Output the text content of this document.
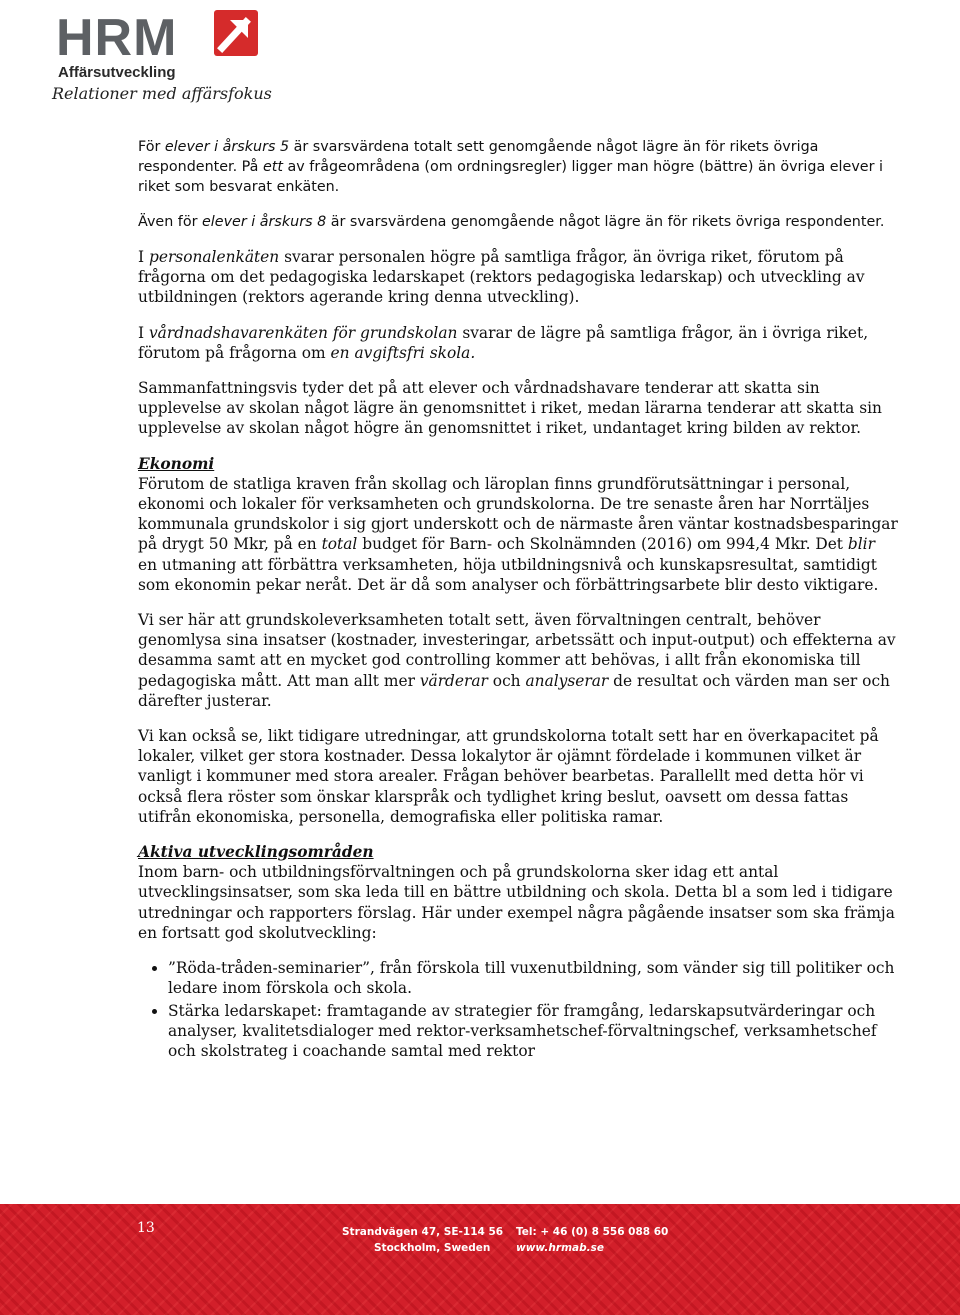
HRM
Affärsutveckling
Relationer med affärsfokus

För elever i årskurs 5 är svarsvärdena totalt sett genomgående något lägre än för rikets övriga respondenter. På ett av frågeområdena (om ordningsregler) ligger man högre (bättre) än övriga elever i riket som besvarat enkäten.

Även för elever i årskurs 8 är svarsvärdena genomgående något lägre än för rikets övriga respondenter.

I personalenkäten svarar personalen högre på samtliga frågor, än övriga riket, förutom på frågorna om det pedagogiska ledarskapet (rektors pedagogiska ledarskap) och utveckling av utbildningen (rektors agerande kring denna utveckling).

I vårdnadshavarenkäten för grundskolan svarar de lägre på samtliga frågor, än i övriga riket, förutom på frågorna om en avgiftsfri skola.

Sammanfattningsvis tyder det på att elever och vårdnadshavare tenderar att skatta sin upplevelse av skolan något lägre än genomsnittet i riket, medan lärarna tenderar att skatta sin upplevelse av skolan något högre än genomsnittet i riket, undantaget kring bilden av rektor.

Ekonomi

Förutom de statliga kraven från skollag och läroplan finns grundförutsättningar i personal, ekonomi och lokaler för verksamheten och grundskolorna. De tre senaste åren har Norrtäljes kommunala grundskolor i sig gjort underskott och de närmaste åren väntar kostnadsbesparingar på drygt 50 Mkr, på en total budget för Barn- och Skolnämnden (2016) om 994,4 Mkr. Det blir en utmaning att förbättra verksamheten, höja utbildningsnivå och kunskapsresultat, samtidigt som ekonomin pekar neråt. Det är då som analyser och förbättringsarbete blir desto viktigare.

Vi ser här att grundskoleverksamheten totalt sett, även förvaltningen centralt, behöver genomlysa sina insatser (kostnader, investeringar, arbetssätt och input-output) och effekterna av desamma samt att en mycket god controlling kommer att behövas, i allt från ekonomiska till pedagogiska mått. Att man allt mer värderar och analyserar de resultat och värden man ser och därefter justerar.

Vi kan också se, likt tidigare utredningar, att grundskolorna totalt sett har en överkapacitet på lokaler, vilket ger stora kostnader. Dessa lokalytor är ojämnt fördelade i kommunen vilket är vanligt i kommuner med stora arealer. Frågan behöver bearbetas. Parallellt med detta hör vi också flera röster som önskar klarspråk och tydlighet kring beslut, oavsett om dessa fattas utifrån ekonomiska, personella, demografiska eller politiska ramar.

Aktiva utvecklingsområden

Inom barn- och utbildningsförvaltningen och på grundskolorna sker idag ett antal utvecklingsinsatser, som ska leda till en bättre utbildning och skola. Detta bl a som led i tidigare utredningar och rapporters förslag. Här under exempel några pågående insatser som ska främja en fortsatt god skolutveckling:

• ”Röda-tråden-seminarier”, från förskola till vuxenutbildning, som vänder sig till politiker och ledare inom förskola och skola.
• Stärka ledarskapet: framtagande av strategier för framgång, ledarskapsutvärderingar och analyser, kvalitetsdialoger med rektor-verksamhetschef-förvaltningschef, verksamhetschef och skolstrateg i coachande samtal med rektor
13	Strandvägen 47, SE-114 56
Stockholm, Sweden
Tel: + 46 (0) 8 556 088 60
www.hrmab.se
